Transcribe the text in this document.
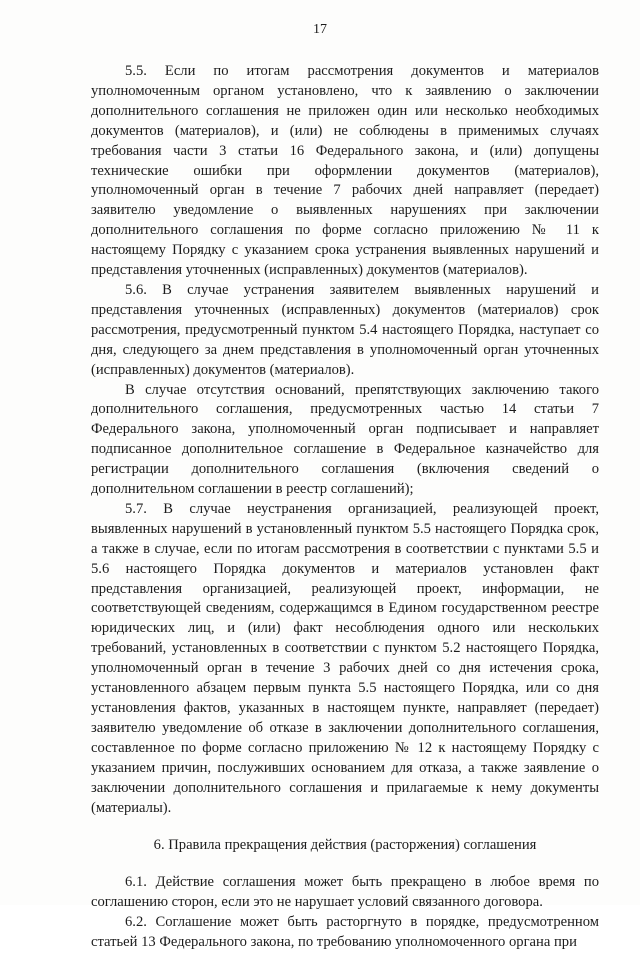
17

5.5. Если по итогам рассмотрения документов и материалов уполномоченным органом установлено, что к заявлению о заключении дополнительного соглашения не приложен один или несколько необходимых документов (материалов), и (или) не соблюдены в применимых случаях требования части 3 статьи 16 Федерального закона, и (или) допущены технические ошибки при оформлении документов (материалов), уполномоченный орган в течение 7 рабочих дней направляет (передает) заявителю уведомление о выявленных нарушениях при заключении дополнительного соглашения по форме согласно приложению № 11 к настоящему Порядку с указанием срока устранения выявленных нарушений и представления уточненных (исправленных) документов (материалов).

5.6. В случае устранения заявителем выявленных нарушений и представления уточненных (исправленных) документов (материалов) срок рассмотрения, предусмотренный пунктом 5.4 настоящего Порядка, наступает со дня, следующего за днем представления в уполномоченный орган уточненных (исправленных) документов (материалов).

В случае отсутствия оснований, препятствующих заключению такого дополнительного соглашения, предусмотренных частью 14 статьи 7 Федерального закона, уполномоченный орган подписывает и направляет подписанное дополнительное соглашение в Федеральное казначейство для регистрации дополнительного соглашения (включения сведений о дополнительном соглашении в реестр соглашений);

5.7. В случае неустранения организацией, реализующей проект, выявленных нарушений в установленный пунктом 5.5 настоящего Порядка срок, а также в случае, если по итогам рассмотрения в соответствии с пунктами 5.5 и 5.6 настоящего Порядка документов и материалов установлен факт представления организацией, реализующей проект, информации, не соответствующей сведениям, содержащимся в Едином государственном реестре юридических лиц, и (или) факт несоблюдения одного или нескольких требований, установленных в соответствии с пунктом 5.2 настоящего Порядка, уполномоченный орган в течение 3 рабочих дней со дня истечения срока, установленного абзацем первым пункта 5.5 настоящего Порядка, или со дня установления фактов, указанных в настоящем пункте, направляет (передает) заявителю уведомление об отказе в заключении дополнительного соглашения, составленное по форме согласно приложению № 12 к настоящему Порядку с указанием причин, послуживших основанием для отказа, а также заявление о заключении дополнительного соглашения и прилагаемые к нему документы (материалы).

6. Правила прекращения действия (расторжения) соглашения

6.1. Действие соглашения может быть прекращено в любое время по соглашению сторон, если это не нарушает условий связанного договора.

6.2. Соглашение может быть расторгнуто в порядке, предусмотренном статьей 13 Федерального закона, по требованию уполномоченного органа при
